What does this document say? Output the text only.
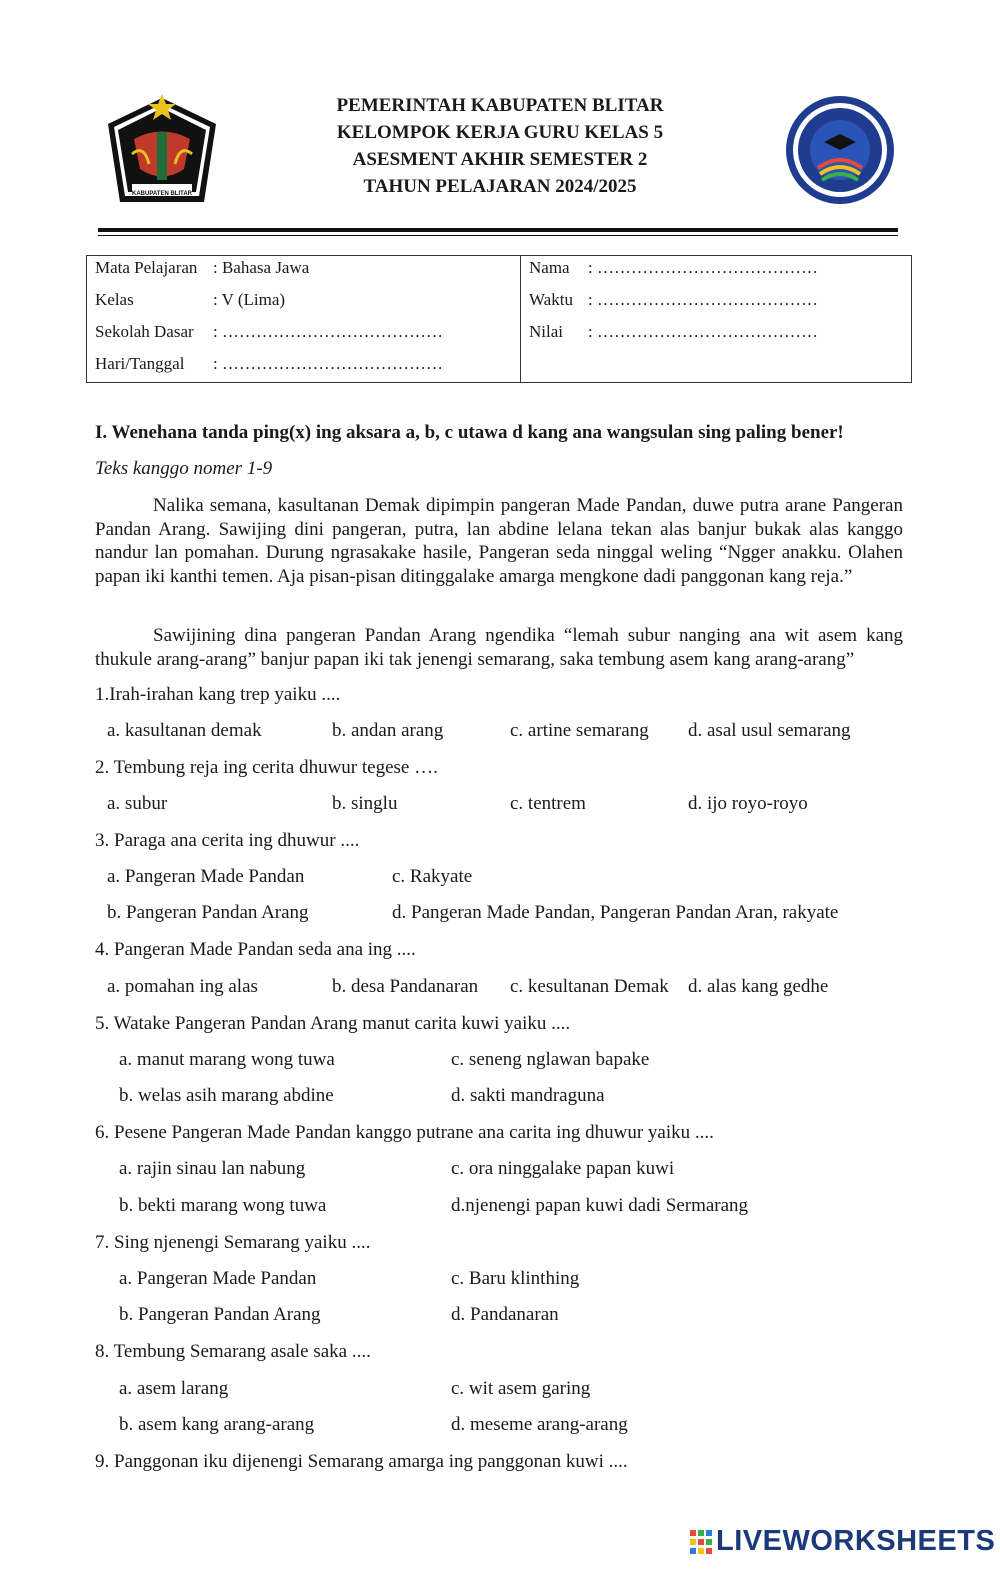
KABUPATEN BLITAR
PEMERINTAH KABUPATEN BLITAR
KELOMPOK KERJA GURU KELAS 5
ASESMENT AKHIR SEMESTER 2
TAHUN PELAJARAN 2024/2025
Mata Pelajaran : Bahasa Jawa
Kelas	: V (Lima)
Sekolah Dasar : …………………………………
Hari/Tanggal : …………………………………
Nama : …………………………………
Waktu : …………………………………
Nilai : …………………………………
I. Wenehana tanda ping(x) ing aksara a, b, c utawa d kang ana wangsulan sing paling bener!
Teks kanggo nomer 1-9

Nalika semana, kasultanan Demak dipimpin pangeran Made Pandan, duwe putra arane Pangeran Pandan Arang. Sawijing dini pangeran, putra, lan abdine lelana tekan alas banjur bukak alas kanggo nandur lan pomahan. Durung ngrasakake hasile, Pangeran seda ninggal weling “Ngger anakku. Olahen papan iki kanthi temen. Aja pisan-pisan ditinggalake amarga mengkone dadi panggonan kang reja.”

Sawijining dina pangeran Pandan Arang ngendika “lemah subur nanging ana wit asem kang thukule arang-arang” banjur papan iki tak jenengi semarang, saka tembung asem kang arang-arang”

1.Irah-irahan kang trep yaiku ....
a. kasultanan demak	b. andan arang	c. artine semarang d. asal usul semarang
2. Tembung reja ing cerita dhuwur tegese ….
a. subur	b. singlu	c. tentrem	d. ijo royo-royo
3. Paraga ana cerita ing dhuwur ....
a. Pangeran Made Pandan	c. Rakyate
b. Pangeran Pandan Arang	d. Pangeran Made Pandan, Pangeran Pandan Aran, rakyate
4. Pangeran Made Pandan seda ana ing ....
a. pomahan ing alas	b. desa Pandanaran c. kesultanan Demak d. alas kang gedhe
5. Watake Pangeran Pandan Arang manut carita kuwi yaiku ....
a. manut marang wong tuwa	c. seneng nglawan bapake
b. welas asih marang abdine	d. sakti mandraguna
6. Pesene Pangeran Made Pandan kanggo putrane ana carita ing dhuwur yaiku ....
a. rajin sinau lan nabung	c. ora ninggalake papan kuwi
b. bekti marang wong tuwa	d.njenengi papan kuwi dadi Sermarang
7. Sing njenengi Semarang yaiku ....
a. Pangeran Made Pandan	c. Baru klinthing
b. Pangeran Pandan Arang	d. Pandanaran
8. Tembung Semarang asale saka ....
a. asem larang	c. wit asem garing
b. asem kang arang-arang	d. meseme arang-arang
9. Panggonan iku dijenengi Semarang amarga ing panggonan kuwi ....
LIVEWORKSHEETS
